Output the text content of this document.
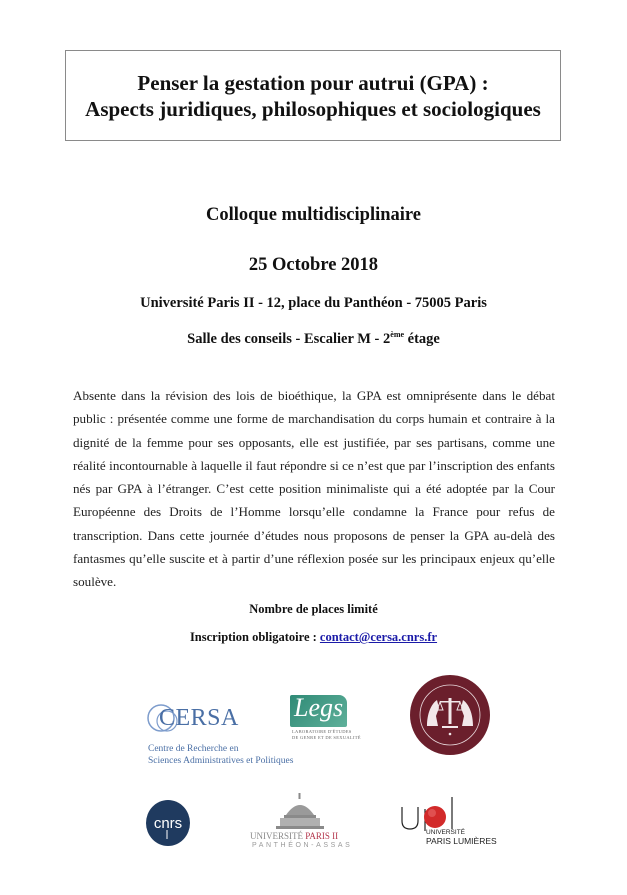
Penser la gestation pour autrui (GPA) :
Aspects juridiques, philosophiques et sociologiques
Colloque multidisciplinaire
25 Octobre 2018
Université Paris II - 12, place du Panthéon - 75005 Paris
Salle des conseils - Escalier M - 2ème étage
Absente dans la révision des lois de bioéthique, la GPA est omniprésente dans le débat public : présentée comme une forme de marchandisation du corps humain et contraire à la dignité de la femme pour ses opposants, elle est justifiée, par ses partisans, comme une réalité incontournable à laquelle il faut répondre si ce n’est que par l’inscription des enfants nés par GPA à l’étranger. C’est cette position minimaliste qui a été adoptée par la Cour Européenne des Droits de l’Homme lorsqu’elle condamne la France pour refus de transcription. Dans cette journée d’études nous proposons de penser la GPA au-delà des fantasmes qu’elle suscite et à partir d’une réflexion posée sur les principaux enjeux qu’elle soulève.
Nombre de places limité
Inscription obligatoire : contact@cersa.cnrs.fr
CERSA
Centre de Recherche en
Sciences Administratives et Politiques
Legs
LABORATOIRE D'ÉTUDES
DE GENRE ET DE SEXUALITÉ
cnrs
UNIVERSITÉ PARIS II
PANTHÉON-ASSAS
UNIVERSITÉ
PARIS LUMIÈRES
